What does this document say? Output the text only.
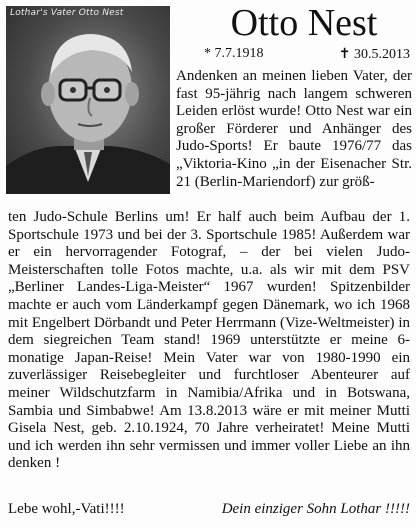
Lothar's Vater Otto Nest	Otto Nest
* 7.7.1918	✝ 30.5.2013

Andenken an meinen lieben Vater, der fast 95-jährig nach langem schweren Leiden erlöst wurde! Otto Nest war ein großer Förderer und Anhänger des Judo-Sports! Er baute 1976/77 das „Viktoria-Kino „in der Eisenacher Str. 21 (Berlin-Mariendorf) zur größ-

ten Judo-Schule Berlins um! Er half auch beim Aufbau der 1. Sportschule 1973 und bei der 3. Sportschule 1985! Außerdem war er ein hervorragender Fotograf, – der bei vielen Judo-Meisterschaften tolle Fotos machte, u.a. als wir mit dem PSV „Berliner Landes-Liga-Meister“ 1967 wurden! Spitzenbilder machte er auch vom Länderkampf gegen Dänemark, wo ich 1968 mit Engelbert Dörbandt und Peter Herrmann (Vize-Weltmeister) in dem siegreichen Team stand! 1969 unterstützte er meine 6-monatige Japan-Reise! Mein Vater war von 1980-1990 ein zuverlässiger Reisebegleiter und furchtloser Abenteurer auf meiner Wildschutzfarm in Namibia/Afrika und in Botswana, Sambia und Simbabwe! Am 13.8.2013 wäre er mit meiner Mutti Gisela Nest, geb. 2.10.1924, 70 Jahre verheiratet! Meine Mutti und ich werden ihn sehr vermissen und immer voller Liebe an ihn denken !

Lebe wohl,-Vati!!!!	Dein einziger Sohn Lothar !!!!!
